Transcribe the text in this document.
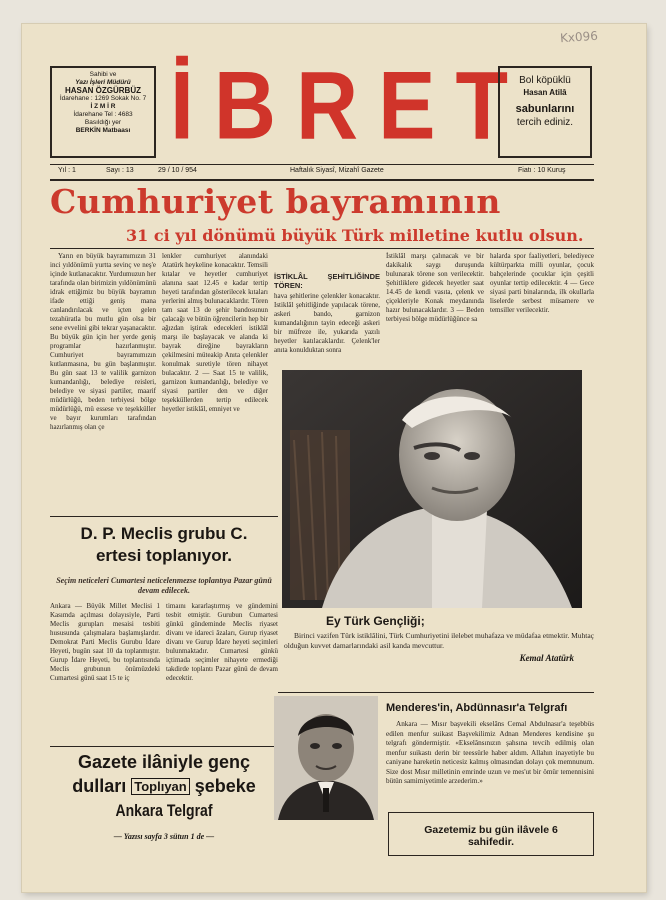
Kx096
Sahibi ve
Yazı İşleri Müdürü
HASAN ÖZGÜRBÜZ
İdarehane : 1269 Sokak No. 7
İ Z M İ R
İdarehane Tel : 4683
Basıldığı yer
BERKİN Matbaası İBRET
Bol köpüklü
Hasan Atilâ
sabunlarını
tercih ediniz.
Yıl : 1	Sayı : 13	29 / 10 / 954	Haftalık Siyasî, Mizahî Gazete	Fiatı : 10 Kuruş
Cumhuriyet bayramının
31 ci yıl dönümü büyük Türk milletine kutlu olsun.
Yarın en büyük bayramımızın 31 inci yıldönümü yurtta sevinç ve neş'e içinde kutlanacaktır. Yurdumuzun her tarafında olan birimizin yıldönümünü idrak ettiğimiz bu büyük bayramın ifade ettiği geniş mana canlandırılacak ve içten gelen tezahüratla bu mutlu gün olsa bir sene evvelini gibi tekrar yaşanacaktır. Bu büyük gün için her yerde geniş programlar hazırlanmıştır. Cumhuriyet bayramımızın kutlanmasına, bu gün başlanmıştır. Bu gün saat 13 te valilik garnizon kumandanlığı, belediye reisleri, belediye ve siyasi partiler, maarif müdürlüğü, beden terbiyesi bölge müdürlüğü, mü essese ve teşekküller ve bayır kurumları tarafından hazırlanmış olan çe
lenkler cumhuriyet alanındaki Atatürk heykeline konacaktır. Temsili kıtalar ve heyetler cumhuriyet alanına saat 12.45 e kadar tertip heyeti tarafından gösterilecek kıtaları yerlerini almış bulunacaklardır. Tören tam saat 13 de şehir bandosunun çalacağı ve bütün öğrencilerin hep bir ağızdan iştirak edecekleri istiklâl marşı ile başlayacak ve alanda ki bayrak direğine bayrakların çekilmesini müteakip Anıta çelenkler konulmak suretiyle tören nihayet bulacaktır. 2 — Saat 15 te valilik, garnizon kumandanlığı, belediye ve siyasi partiler den ve diğer teşekküllerden tertip edilecek heyetler istiklâl, emniyet ve
İSTİKLÂL ŞEHİTLİĞİNDE TÖREN:
hava şehitlerine çelenkler konacaktır. Istiklâl şehitliğinde yapılacak törene, askeri bando, garnizon kumandalığının tayin edeceği askeri bir müfreze ile, yukarıda yazılı heyetler katılacaklardır. Çelenk'ler anıta konulduktan sonra
İstiklâl marşı çalınacak ve bir dakikalık saygı duruşunda bulunarak törene son verilecektir. Şehitliklere gidecek heyetler saat 14.45 de kendi vasıta, çelenk ve çiçekleriyle Konak meydanında hazır bulunacaklardır. 3 — Beden terbiyesi bölge müdürlüğünce sa
halarda spor faaliyetleri, belediyece kültürparkta milli oyunlar, çocuk bahçelerinde çocuklar için çeşitli oyunlar tertip edilecektir. 4 — Gece siyasi parti binalarında, ilk okullarla liselerde serbest müsamere ve temsiller verilecektir.
Ey Türk Gençliği;
Birinci vazifen Türk istiklâlini, Türk Cumhuriyetini ilelebet muhafaza ve müdafaa etmektir. Muhtaç olduğun kuvvet damarlarındaki asil kanda mevcuttur.
Kemal Atatürk
D. P. Meclis grubu C.
ertesi toplanıyor.
Seçim neticeleri Cumartesi neticelenmezse toplantıya Pazar günü devam edilecek.
Ankara — Büyük Millet Meclisi 1 Kasımda açılması dolayısiyle, Parti Meclis gurupları mesaisi tesbiti hususunda çalışmalara başlamışlardır. Demokrat Parti Meclis Gurubu İdare Heyeti, bugün saat 10 da toplanmıştır. Gurup İdare Heyeti, bu toplantısında Meclis grubunun önümüzdeki Cumartesi günü saat 15 te iç
timaını kararlaştırmış ve gündemini tesbit etmiştir. Gurubun Cumartesi günkü gündeminde Meclis riyaset divanı ve idareci âzaları, Gurup riyaset divanı ve Gurup İdare heyeti seçimleri bulunmaktadır. Cumartesi günkü içtimada seçimler nihayete ermediği takdirde toplantı Pazar günü de devam edecektir.
Gazete ilâniyle genç
dulları Toplıyan şebeke
Ankara Telgraf
— Yazısı sayfa 3 sütun 1 de —
Menderes'in, Abdünnasır'a Telgrafı
Ankara — Mısır başvekili ekselâns Cemal Abdulnasır'a teşebbüs edilen menfur suikast Başvekilimiz Adnan Menderes kendisine şu telgrafı göndermiştir. «Ekselânsınızın şahsına tevcih edilmiş olan menfur suikastı derin bir teessürle haber aldım. Allahın inayetiyle bu caniyane hareketin neticesiz kalmış olmasından dolayı çok memnunum. Size dost Mısır milletinin emrinde uzun ve mes'ut bir ömür temennisini bütün samimiyetimle arzederim.»
Gazetemiz bu gün ilâvele 6
sahifedir.
